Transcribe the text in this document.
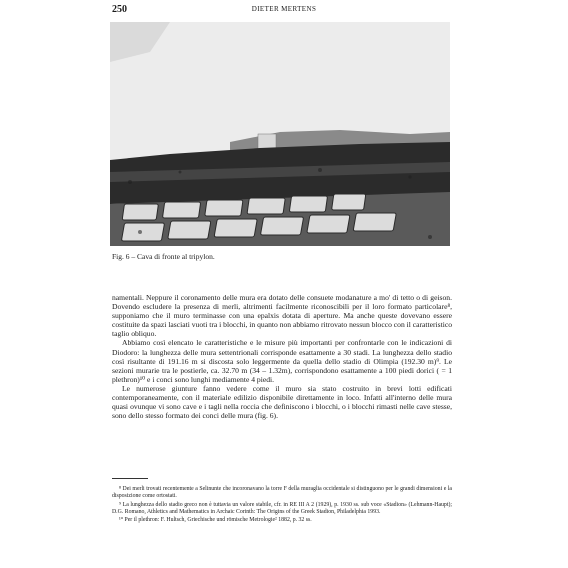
250	DIETER MERTENS
Fig. 6 – Cava di fronte al tripylon.

namentali. Neppure il coronamento delle mura era dotato delle consuete modanature a mo' di tetto o di geison. Dovendo escludere la presenza di merli, altrimenti facilmente riconoscibili per il loro formato particolare⁸, supponiamo che il muro terminasse con una epalxis dotata di aperture. Ma anche queste dovevano essere costituite da spazi lasciati vuoti tra i blocchi, in quanto non abbiamo ritrovato nessun blocco con il caratteristico taglio obliquo.

Abbiamo così elencato le caratteristiche e le misure più importanti per confrontarle con le indicazioni di Diodoro: la lunghezza delle mura settentrionali corrisponde esattamente a 30 stadi. La lunghezza dello stadio così risultante di 191.16 m si discosta solo leggermente da quella dello stadio di Olimpia (192.30 m)⁹. Le sezioni murarie tra le postierle, ca. 32.70 m (34 – 1.32m), corrispondono esattamente a 100 piedi dorici ( = 1 plethron)¹⁰ e i conci sono lunghi mediamente 4 piedi.

Le numerose giunture fanno vedere come il muro sia stato costruito in brevi lotti edificati contemporaneamente, con il materiale edilizio disponibile direttamente in loco. Infatti all'interno delle mura quasi ovunque vi sono cave e i tagli nella roccia che definiscono i blocchi, o i blocchi rimasti nelle cave stesse, sono dello stesso formato dei conci delle mura (fig. 6).

⁸ Dei merli trovati recentemente a Selinunte che incoronavano la torre F della muraglia occidentale si distinguono per le grandi dimensioni e la disposizione come ortostati.

⁹ La lunghezza dello stadio greco non è tuttavia un valore stabile, cfr. in RE III A 2 (1929), p. 1930 ss. sub voce «Stadion» (Lehmann-Haupt); D.G. Romano, Athletics and Mathematics in Archaic Corinth: The Origins of the Greek Stadion, Philadelphia 1993.

¹⁰ Per il plethron: F. Hultsch, Griechische und römische Metrologie² 1882, p. 32 ss.
